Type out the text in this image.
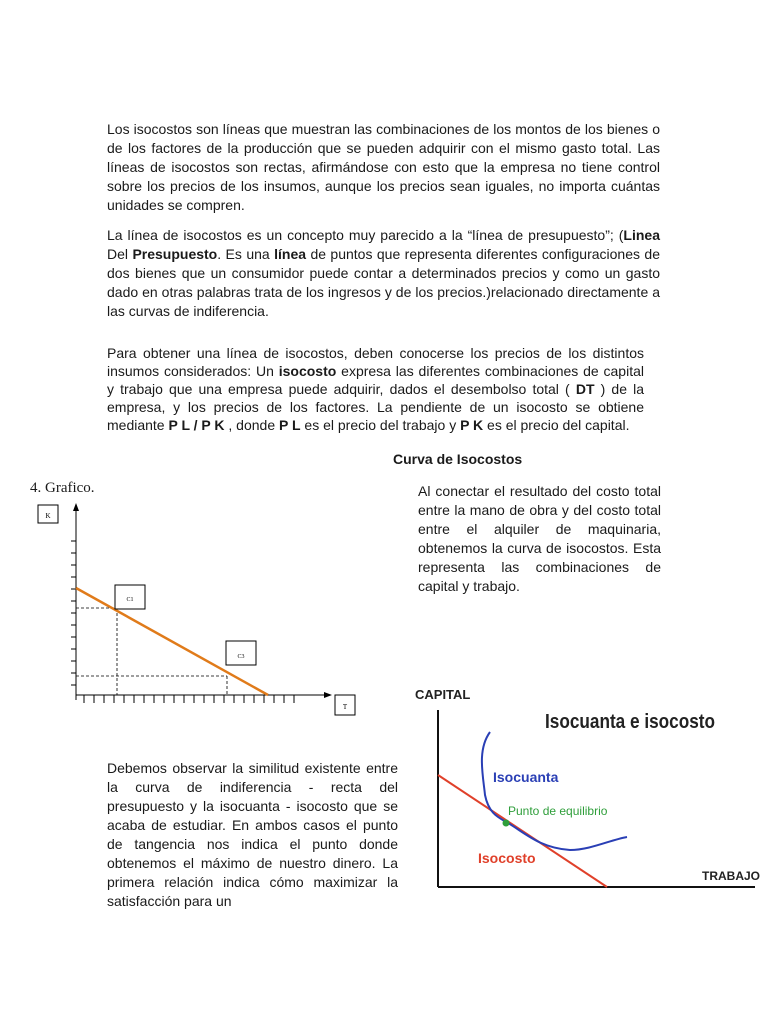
Los isocostos son líneas que muestran las combinaciones de los montos de los bienes o de los factores de la producción que se pueden adquirir con el mismo gasto total. Las líneas de isocostos son rectas, afirmándose con esto que la empresa no tiene control sobre los precios de los insumos, aunque los precios sean iguales, no importa cuántas unidades se compren.

La línea de isocostos es un concepto muy parecido a la “línea de presupuesto”; (Linea Del Presupuesto. Es una línea de puntos que representa diferentes configuraciones de dos bienes que un consumidor puede contar a determinados precios y como un gasto dado en otras palabras trata de los ingresos y de los precios.)relacionado directamente a las curvas de indiferencia.

Para obtener una línea de isocostos, deben conocerse los precios de los distintos insumos considerados: Un isocosto expresa las diferentes combinaciones de capital y trabajo que una empresa puede adquirir, dados el desembolso total ( DT ) de la empresa, y los precios de los factores. La pendiente de un isocosto se obtiene mediante P L / P K , donde P L es el precio del trabajo y P K es el precio del capital.

Curva de Isocostos
4. Grafico.	Al conectar el resultado del costo total entre la mano de obra y del costo total entre el alquiler de maquinaria, obtenemos la curva de isocostos. Esta representa las combinaciones de capital y trabajo.

K
C1
C3
T
CAPITAL
Isocuanta e isocosto
TRABAJO
Isocuanta
Punto de equilibrio
Isocosto

Debemos observar la similitud existente entre la curva de indiferencia - recta del presupuesto y la isocuanta - isocosto que se acaba de estudiar. En ambos casos el punto de tangencia nos indica el punto donde obtenemos el máximo de nuestro dinero. La primera relación indica cómo maximizar la satisfacción para un
